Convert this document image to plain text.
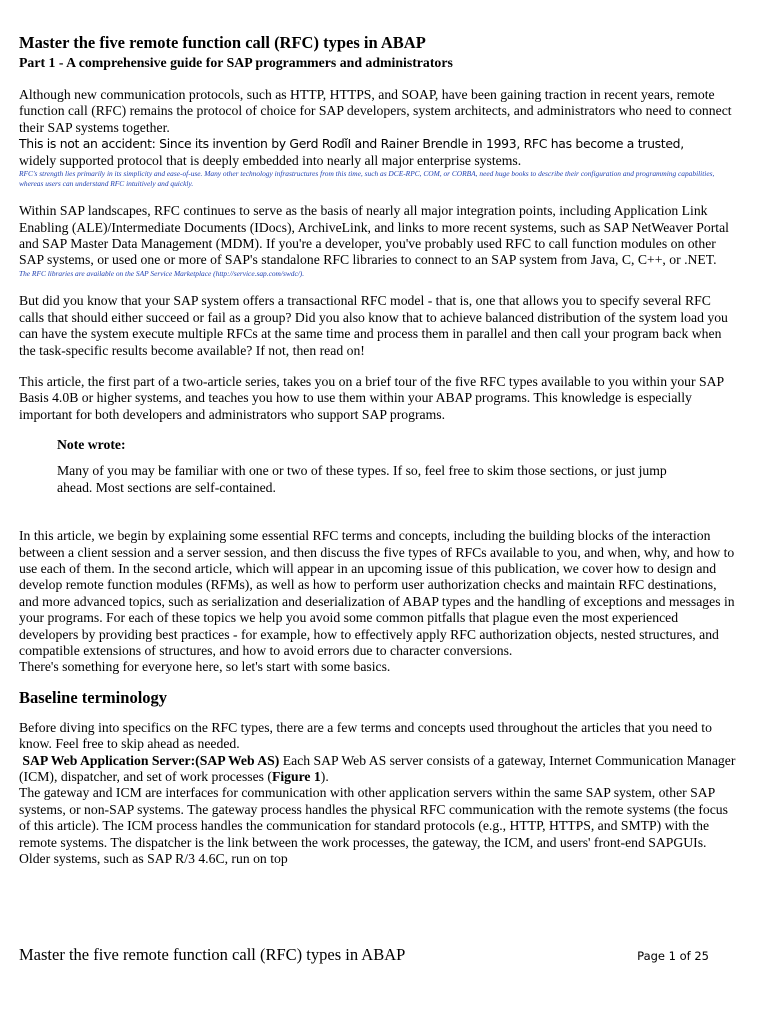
Master the five remote function call (RFC) types in ABAP
Part 1 - A comprehensive guide for SAP programmers and administrators

Although new communication protocols, such as HTTP, HTTPS, and SOAP, have been gaining traction in recent years, remote function call (RFC) remains the protocol of choice for SAP developers, system architects, and administrators who need to connect their SAP systems together.

This is not an accident: Since its invention by Gerd RodǐI and Rainer Brendle in 1993, RFC has become a trusted,

widely supported protocol that is deeply embedded into nearly all major enterprise systems.

RFC's strength lies primarily in its simplicity and ease-of-use. Many other technology infrastructures from this time, such as DCE-RPC, COM, or CORBA, need huge books to describe their configuration and programming capabilities, whereas users can understand RFC intuitively and quickly.

Within SAP landscapes, RFC continues to serve as the basis of nearly all major integration points, including Application Link Enabling (ALE)/Intermediate Documents (IDocs), ArchiveLink, and links to more recent systems, such as SAP NetWeaver Portal and SAP Master Data Management (MDM). If you're a developer, you've probably used RFC to call function modules on other SAP systems, or used one or more of SAP's standalone RFC libraries to connect to an SAP system from Java, C, C++, or .NET.

The RFC libraries are available on the SAP Service Marketplace (http://service.sap.com/swdc/).

But did you know that your SAP system offers a transactional RFC model - that is, one that allows you to specify several RFC calls that should either succeed or fail as a group? Did you also know that to achieve balanced distribution of the system load you can have the system execute multiple RFCs at the same time and process them in parallel and then call your program back when the task-specific results become available? If not, then read on!

This article, the first part of a two-article series, takes you on a brief tour of the five RFC types available to you within your SAP Basis 4.0B or higher systems, and teaches you how to use them within your ABAP programs. This knowledge is especially important for both developers and administrators who support SAP programs.

Note wrote:

Many of you may be familiar with one or two of these types. If so, feel free to skim those sections, or just jump ahead. Most sections are self-contained.

In this article, we begin by explaining some essential RFC terms and concepts, including the building blocks of the interaction between a client session and a server session, and then discuss the five types of RFCs available to you, and when, why, and how to use each of them. In the second article, which will appear in an upcoming issue of this publication, we cover how to design and develop remote function modules (RFMs), as well as how to perform user authorization checks and maintain RFC destinations, and more advanced topics, such as serialization and deserialization of ABAP types and the handling of exceptions and messages in your programs. For each of these topics we help you avoid some common pitfalls that plague even the most experienced developers by providing best practices - for example, how to effectively apply RFC authorization objects, nested structures, and compatible extensions of structures, and how to avoid errors due to character conversions.

There's something for everyone here, so let's start with some basics.

Baseline terminology

Before diving into specifics on the RFC types, there are a few terms and concepts used throughout the articles that you need to know. Feel free to skip ahead as needed.

SAP Web Application Server:(SAP Web AS) Each SAP Web AS server consists of a gateway, Internet Communication Manager (ICM), dispatcher, and set of work processes (Figure 1).

The gateway and ICM are interfaces for communication with other application servers within the same SAP system, other SAP systems, or non-SAP systems. The gateway process handles the physical RFC communication with the remote systems (the focus of this article). The ICM process handles the communication for standard protocols (e.g., HTTP, HTTPS, and SMTP) with the remote systems. The dispatcher is the link between the work processes, the gateway, the ICM, and users' front-end SAPGUIs. Older systems, such as SAP R/3 4.6C, run on top

Master the five remote function call (RFC) types in ABAP	Page 1 of 25
